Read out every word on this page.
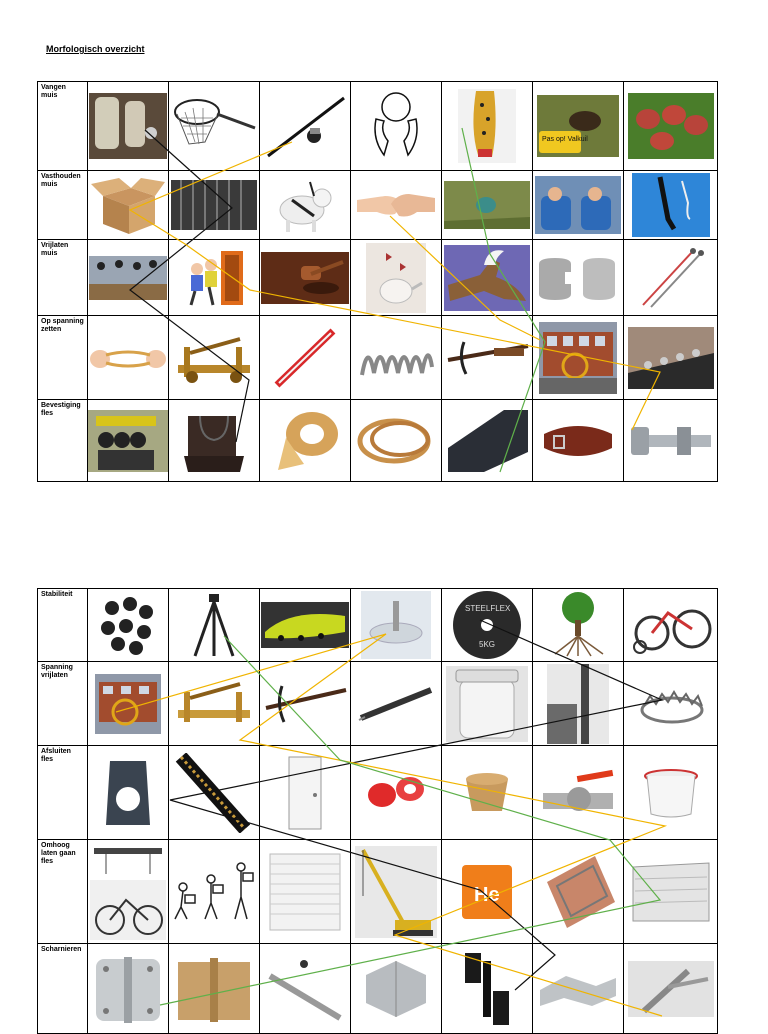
Morfologisch overzicht
Vangen muis						Pas op! Valkuil

Vasthouden muis	

Vrijlaten muis	

Op spanning zetten	

Bevestiging fles	

Stabiliteit					STEELFLEX
5KG

Spanning vrijlaten	

Afsluiten fles	

Omhoog laten gaan fles					He

Scharnieren	
